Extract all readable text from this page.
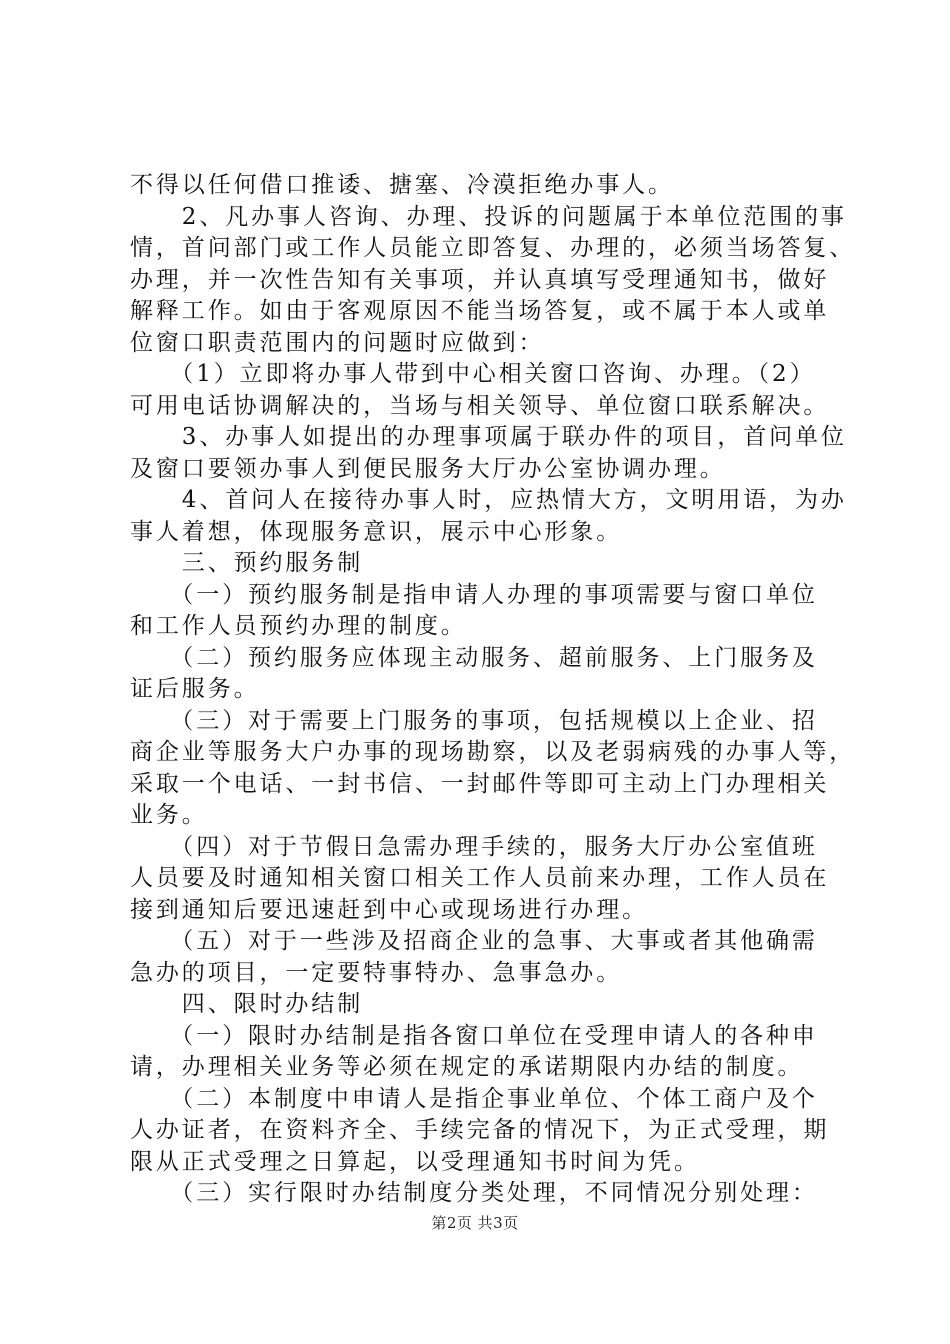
不得以任何借口推诿、搪塞、冷漠拒绝办事人。
　　2、凡办事人咨询、办理、投诉的问题属于本单位范围的事
情，首问部门或工作人员能立即答复、办理的，必须当场答复、
办理，并一次性告知有关事项，并认真填写受理通知书，做好
解释工作。如由于客观原因不能当场答复，或不属于本人或单
位窗口职责范围内的问题时应做到：
　　（1）立即将办事人带到中心相关窗口咨询、办理。（2）
可用电话协调解决的，当场与相关领导、单位窗口联系解决。
　　3、办事人如提出的办理事项属于联办件的项目，首问单位
及窗口要领办事人到便民服务大厅办公室协调办理。
　　4、首问人在接待办事人时，应热情大方，文明用语，为办
事人着想，体现服务意识，展示中心形象。
　　三、预约服务制
　　（一）预约服务制是指申请人办理的事项需要与窗口单位
和工作人员预约办理的制度。
　　（二）预约服务应体现主动服务、超前服务、上门服务及
证后服务。
　　（三）对于需要上门服务的事项，包括规模以上企业、招
商企业等服务大户办事的现场勘察，以及老弱病残的办事人等，
采取一个电话、一封书信、一封邮件等即可主动上门办理相关
业务。
　　（四）对于节假日急需办理手续的，服务大厅办公室值班
人员要及时通知相关窗口相关工作人员前来办理，工作人员在
接到通知后要迅速赶到中心或现场进行办理。
　　（五）对于一些涉及招商企业的急事、大事或者其他确需
急办的项目，一定要特事特办、急事急办。
　　四、限时办结制
　　（一）限时办结制是指各窗口单位在受理申请人的各种申
请，办理相关业务等必须在规定的承诺期限内办结的制度。
　　（二）本制度中申请人是指企事业单位、个体工商户及个
人办证者，在资料齐全、手续完备的情况下，为正式受理，期
限从正式受理之日算起，以受理通知书时间为凭。
　　（三）实行限时办结制度分类处理，不同情况分别处理：
第2页 共3页
